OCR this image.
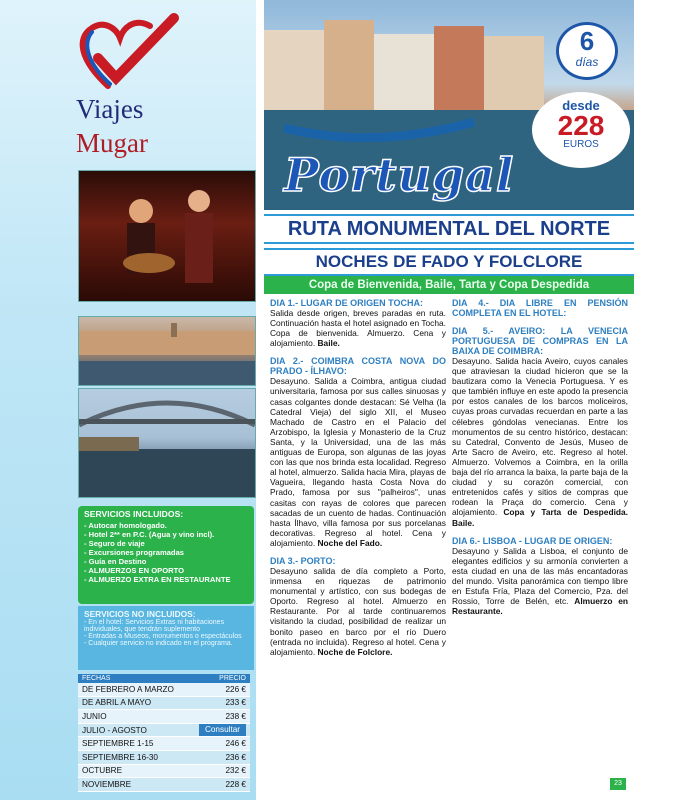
Viajes
Mugar
SERVICIOS INCLUIDOS:
- Autocar homologado.
- Hotel 2** en P.C. (Agua y vino incl).
- Seguro de viaje
- Excursiones programadas
- Guía en Destino
- ALMUERZOS EN OPORTO
- ALMUERZO EXTRA EN RESTAURANTE
SERVICIOS NO INCLUIDOS:
- En el hotel: Servicios Extras ni habitaciones individuales, que tendrán suplemento
- Entradas a Museos, monumentos o espectáculos
- Cualquier servicio no indicado en el programa.
FECHAS	PRECIO
DE FEBRERO A MARZO	226 €
DE ABRIL A MAYO	233 €
JUNIO	238 €
JULIO - AGOSTO	Consultar
SEPTIEMBRE 1-15	246 €
SEPTIEMBRE 16-30	236 €
OCTUBRE	232 €
NOVIEMBRE	228 €
6
días
desde
228
EUROS
Portugal
RUTA MONUMENTAL DEL NORTE
NOCHES DE FADO Y FOLCLORE
Copa de Bienvenida, Baile, Tarta y Copa Despedida
DIA 1.- LUGAR DE ORIGEN TOCHA:
Salida desde origen, breves paradas en ruta. Continuación hasta el hotel asignado en Tocha. Copa de bienvenida. Almuerzo. Cena y alojamiento. Baile.
DIA 2.- COIMBRA COSTA NOVA DO PRADO - ÍLHAVO:
Desayuno. Salida a Coimbra, antigua ciudad universitaria, famosa por sus calles sinuosas y casas colgantes donde destacan: Sé Velha (la Catedral Vieja) del siglo XII, el Museo Machado de Castro en el Palacio del Arzobispo, la Iglesia y Monasterio de la Cruz Santa, y la Universidad, una de las más antiguas de Europa, son algunas de las joyas con las que nos brinda esta localidad. Regreso al hotel, almuerzo. Salida hacia Mira, playas de Vagueira, llegando hasta Costa Nova do Prado, famosa por sus "palheiros", unas casitas con rayas de colores que parecen sacadas de un cuento de hadas. Continuación hasta Ílhavo, villa famosa por sus porcelanas decorativas. Regreso al hotel. Cena y alojamiento. Noche del Fado.
DIA 3.- PORTO:
Desayuno salida de día completo a Porto, inmensa en riquezas de patrimonio monumental y artístico, con sus bodegas de Oporto. Regreso al hotel. Almuerzo en Restaurante. Por al tarde continuaremos visitando la ciudad, posibilidad de realizar un bonito paseo en barco por el río Duero (entrada no incluida). Regreso al hotel. Cena y alojamiento. Noche de Folclore.
DIA 4.- DIA LIBRE EN PENSIÓN COMPLETA EN EL HOTEL:
DIA 5.- AVEIRO: LA VENECIA PORTUGUESA DE COMPRAS EN LA BAIXA DE COIMBRA:
Desayuno. Salida hacia Aveiro, cuyos canales que atraviesan la ciudad hicieron que se la bautizara como la Venecia Portuguesa. Y es que también influye en este apodo la presencia por estos canales de los barcos moliceiros, cuyas proas curvadas recuerdan en parte a las célebres góndolas venecianas. Entre los monumentos de su centro histórico, destacan: su Catedral, Convento de Jesús, Museo de Arte Sacro de Aveiro, etc. Regreso al hotel. Almuerzo. Volvemos a Coimbra, en la orilla baja del río arranca la baixa, la parte baja de la ciudad y su corazón comercial, con entretenidos cafés y sitios de compras que rodean la Praça do comercio. Cena y alojamiento. Copa y Tarta de Despedida. Baile.
DIA 6.- LISBOA - LUGAR DE ORIGEN:
Desayuno y Salida a Lisboa, el conjunto de elegantes edificios y su armonía convierten a esta ciudad en una de las más encantadoras del mundo. Visita panorámica con tiempo libre en Estufa Fría, Plaza del Comercio, Pza. del Rossio, Torre de Belén, etc. Almuerzo en Restaurante.
23
